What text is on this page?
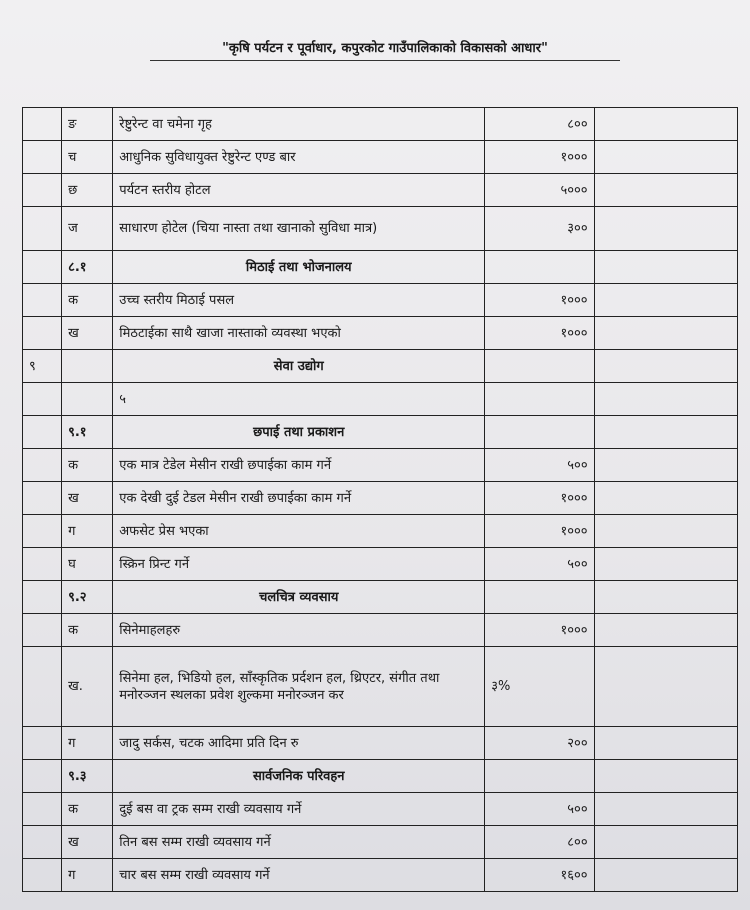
"कृषि पर्यटन र पूर्वाधार, कपुरकोट गाउँपालिकाको विकासको आधार"
	ङ	रेष्टुरेन्ट वा चमेना गृह	८००	
	च	आधुनिक सुविधायुक्त रेष्टुरेन्ट एण्ड बार	१०००	
	छ	पर्यटन स्तरीय होटल	५०००	
	ज	साधारण होटेल (चिया नास्ता तथा खानाको सुविधा मात्र)	३००	
	८.१	मिठाई तथा भोजनालय		
	क	उच्च स्तरीय मिठाई पसल	१०००	
	ख	मिठटाईका साथै खाजा नास्ताको व्यवस्था भएको	१०००	
९		सेवा उद्योग		
		५		
	९.१	छपाई तथा प्रकाशन		
	क	एक मात्र टेडेल मेसीन राखी छपाईका काम गर्ने	५००	
	ख	एक देखी दुई टेडल मेसीन राखी छपाईका काम गर्ने	१०००	
	ग	अफसेट प्रेस भएका	१०००	
	घ	स्क्रिन प्रिन्ट गर्ने	५००	
	९.२	चलचित्र व्यवसाय		
	क	सिनेमाहलहरु	१०००	
	ख.	सिनेमा हल, भिडियो हल, साँस्कृतिक प्रर्दशन हल, थ्रिएटर, संगीत तथा मनोरञ्जन स्थलका प्रवेश शुल्कमा मनोरञ्जन कर	३%	
	ग	जादु सर्कस, चटक आदिमा प्रति दिन रु	२००	
	९.३	सार्वजनिक परिवहन		
	क	दुई बस वा ट्रक सम्म राखी व्यवसाय गर्ने	५००	
	ख	तिन बस सम्म राखी व्यवसाय गर्ने	८००	
	ग	चार बस सम्म राखी व्यवसाय गर्ने	१६००	
